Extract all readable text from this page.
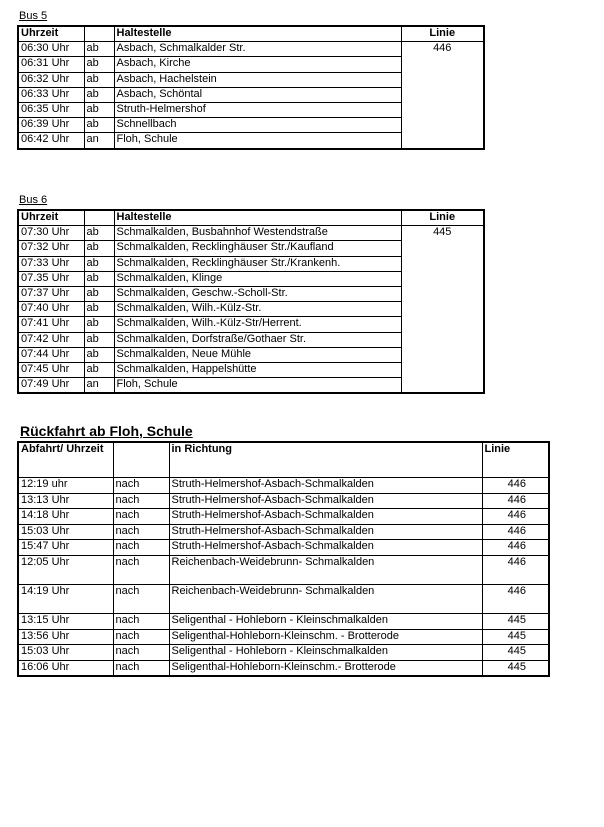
Bus 5
Uhrzeit		Haltestelle	Linie
06:30 Uhr	ab	Asbach, Schmalkalder Str.	446
06:31 Uhr	ab	Asbach, Kirche	
06:32 Uhr	ab	Asbach, Hachelstein	
06:33 Uhr	ab	Asbach, Schöntal	
06:35 Uhr	ab	Struth-Helmershof	
06:39 Uhr	ab	Schnellbach	
06:42 Uhr	an	Floh, Schule	
Bus 6
Uhrzeit		Haltestelle	Linie
07:30 Uhr	ab	Schmalkalden, Busbahnhof Westendstraße	445
07:32 Uhr	ab	Schmalkalden, Recklinghäuser Str./Kaufland	
07:33 Uhr	ab	Schmalkalden, Recklinghäuser Str./Krankenh.	
07.35 Uhr	ab	Schmalkalden, Klinge	
07:37 Uhr	ab	Schmalkalden, Geschw.-Scholl-Str.	
07:40 Uhr	ab	Schmalkalden, Wilh.-Külz-Str.	
07:41 Uhr	ab	Schmalkalden, Wilh.-Külz-Str/Herrent.	
07:42 Uhr	ab	Schmalkalden, Dorfstraße/Gothaer Str.	
07:44 Uhr	ab	Schmalkalden, Neue Mühle	
07:45 Uhr	ab	Schmalkalden, Happelshütte	
07:49 Uhr	an	Floh, Schule	
Rückfahrt ab Floh, Schule
Abfahrt/ Uhrzeit		in Richtung	Linie
12:19 uhr	nach	Struth-Helmershof-Asbach-Schmalkalden	446
13:13 Uhr	nach	Struth-Helmershof-Asbach-Schmalkalden	446
14:18 Uhr	nach	Struth-Helmershof-Asbach-Schmalkalden	446
15:03 Uhr	nach	Struth-Helmershof-Asbach-Schmalkalden	446
15:47 Uhr	nach	Struth-Helmershof-Asbach-Schmalkalden	446
12:05 Uhr	nach	Reichenbach-Weidebrunn- Schmalkalden	446
14:19 Uhr	nach	Reichenbach-Weidebrunn- Schmalkalden	446
13:15 Uhr	nach	Seligenthal - Hohleborn - Kleinschmalkalden	445
13:56 Uhr	nach	Seligenthal-Hohleborn-Kleinschm. - Brotterode	445
15:03 Uhr	nach	Seligenthal - Hohleborn - Kleinschmalkalden	445
16:06 Uhr	nach	Seligenthal-Hohleborn-Kleinschm.- Brotterode	445
